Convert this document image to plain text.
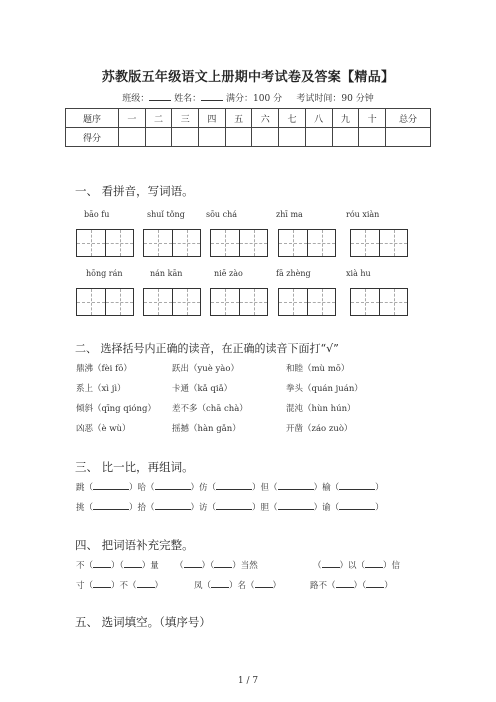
苏教版五年级语文上册期中考试卷及答案【精品】
班级：	姓名：	满分：100 分 考试时间：90 分钟
题序	一	二	三	四	五	六	七	八	九	十	总分
得分											
一、 看拼音，写词语。
bāo fu	shuǐ tǒng	sōu chá	zhī ma	róu xiàn
hōng rán	nán kān	niē zào	fā zhèng	xià hu
二、 选择括号内正确的读音，在正确的读音下面打“√”
鼎沸（fèi fō）	跃出（yuè yào）	和睦（mù mō）
系上（xì jì）	卡通（kǎ qiǎ）	拳头（quán juán）
倾斜（qīng qióng） 差不多（chā chà）	混沌（hùn hún）
凶恶（è wù）	摇撼（hàn gǎn）	开凿（záo zuò）
三、 比一比，再组词。
跳（	）哈（	）仿（	）但（	）榆（	）
挑（	）拾（	）访（	）胆（	）谕（	）
四、 把词语补充完整。
不（ ）（ ）量 （ ）（ ）当然	（ ）以（ ）信
寸（ ）不（ ）	凤（ ）名（ ）	路不（ ）（ ）
五、 选词填空。（填序号）
1 / 7
